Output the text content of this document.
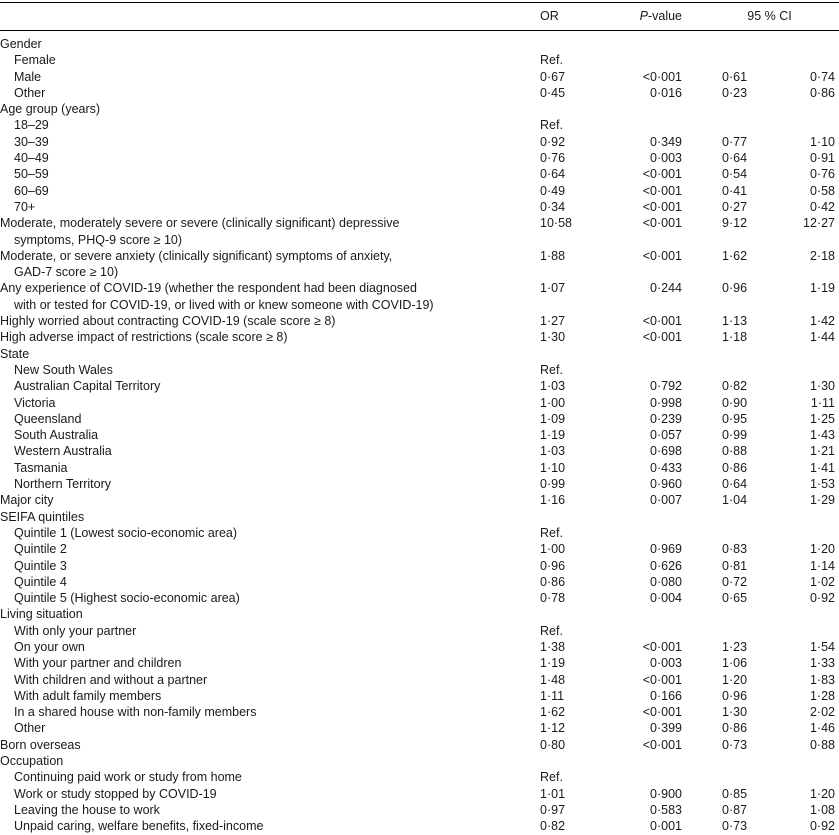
OR	P-value	95 % CI
Gender
Female	Ref.
Male	0·67	<0·001	0·61	0·74
Other	0·45	0·016	0·23	0·86
Age group (years)
18–29	Ref.
30–39	0·92	0·349	0·77	1·10
40–49	0·76	0·003	0·64	0·91
50–59	0·64	<0·001	0·54	0·76
60–69	0·49	<0·001	0·41	0·58
70+	0·34	<0·001	0·27	0·42
Moderate, moderately severe or severe (clinically significant) depressive
symptoms, PHQ-9 score ≥ 10)
10·58	<0·001	9·12	12·27
Moderate, or severe anxiety (clinically significant) symptoms of anxiety,
GAD-7 score ≥ 10)
1·88	<0·001	1·62	2·18
Any experience of COVID-19 (whether the respondent had been diagnosed
with or tested for COVID-19, or lived with or knew someone with COVID-19)
1·07	0·244	0·96	1·19
Highly worried about contracting COVID-19 (scale score ≥ 8)	1·27	<0·001	1·13	1·42
High adverse impact of restrictions (scale score ≥ 8)	1·30	<0·001	1·18	1·44
State
New South Wales	Ref.
Australian Capital Territory	1·03	0·792	0·82	1·30
Victoria	1·00	0·998	0·90	1·11
Queensland	1·09	0·239	0·95	1·25
South Australia	1·19	0·057	0·99	1·43
Western Australia	1·03	0·698	0·88	1·21
Tasmania	1·10	0·433	0·86	1·41
Northern Territory	0·99	0·960	0·64	1·53
Major city	1·16	0·007	1·04	1·29
SEIFA quintiles
Quintile 1 (Lowest socio-economic area)	Ref.
Quintile 2	1·00	0·969	0·83	1·20
Quintile 3	0·96	0·626	0·81	1·14
Quintile 4	0·86	0·080	0·72	1·02
Quintile 5 (Highest socio-economic area)	0·78	0·004	0·65	0·92
Living situation
With only your partner	Ref.
On your own	1·38	<0·001	1·23	1·54
With your partner and children	1·19	0·003	1·06	1·33
With children and without a partner	1·48	<0·001	1·20	1·83
With adult family members	1·11	0·166	0·96	1·28
In a shared house with non-family members	1·62	<0·001	1·30	2·02
Other	1·12	0·399	0·86	1·46
Born overseas	0·80	<0·001	0·73	0·88
Occupation
Continuing paid work or study from home	Ref.
Work or study stopped by COVID-19	1·01	0·900	0·85	1·20
Leaving the house to work	0·97	0·583	0·87	1·08
Unpaid caring, welfare benefits, fixed-income	0·82	0·001	0·73	0·92
